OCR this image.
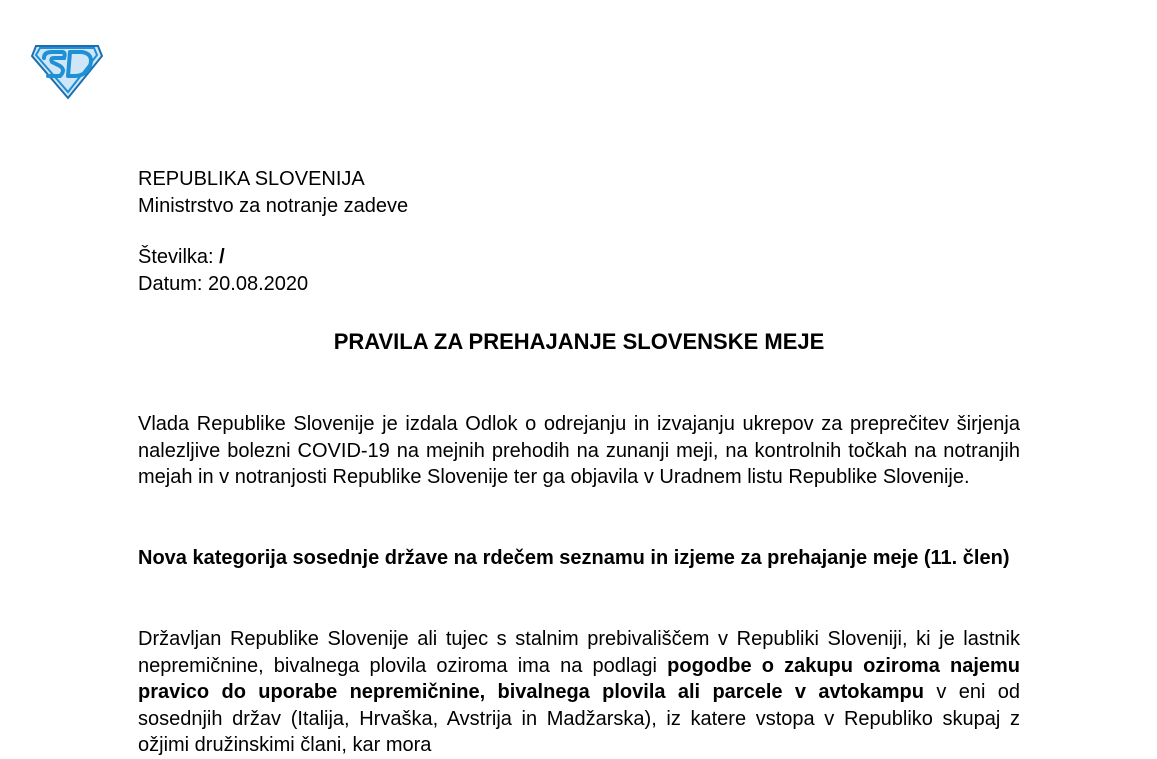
REPUBLIKA SLOVENIJA
Ministrstvo za notranje zadeve
Številka: /
Datum: 20.08.2020
PRAVILA ZA PREHAJANJE SLOVENSKE MEJE

Vlada Republike Slovenije je izdala Odlok o odrejanju in izvajanju ukrepov za preprečitev širjenja nalezljive bolezni COVID-19 na mejnih prehodih na zunanji meji, na kontrolnih točkah na notranjih mejah in v notranjosti Republike Slovenije ter ga objavila v Uradnem listu Republike Slovenije.

Nova kategorija sosednje države na rdečem seznamu in izjeme za prehajanje meje (11. člen)

Državljan Republike Slovenije ali tujec s stalnim prebivališčem v Republiki Sloveniji, ki je lastnik nepremičnine, bivalnega plovila oziroma ima na podlagi pogodbe o zakupu oziroma najemu pravico do uporabe nepremičnine, bivalnega plovila ali parcele v avtokampu v eni od sosednjih držav (Italija, Hrvaška, Avstrija in Madžarska), iz katere vstopa v Republiko skupaj z ožjimi družinskimi člani, kar mora
